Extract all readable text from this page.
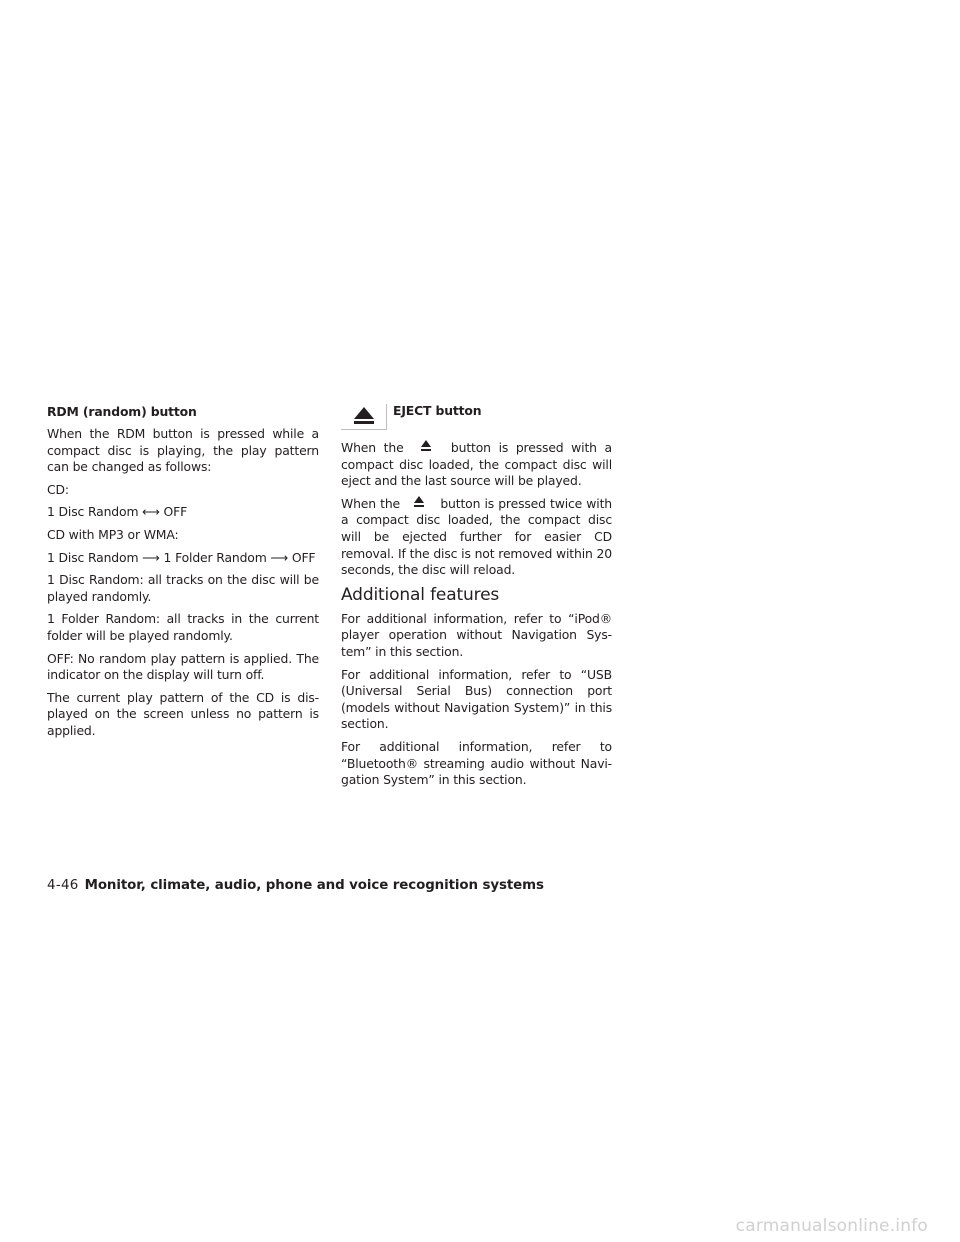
RDM (random) button

When the RDM button is pressed while a compact disc is playing, the play pattern can be changed as follows:

CD:

1 Disc Random ⟷ OFF

CD with MP3 or WMA:

1 Disc Random ⟶ 1 Folder Random ⟶ OFF

1 Disc Random: all tracks on the disc will be played randomly.

1 Folder Random: all tracks in the current folder will be played randomly.

OFF: No random play pattern is applied. The indicator on the display will turn off.

The current play pattern of the CD is dis- played on the screen unless no pattern is applied.

EJECT button

When the	button is pressed with a compact disc loaded, the compact disc will eject and the last source will be played.

When the	button is pressed twice with a compact disc loaded, the compact disc will be ejected further for easier CD removal. If the disc is not removed within 20 seconds, the disc will reload.

Additional features

For additional information, refer to “iPod® player operation without Navigation Sys- tem” in this section.

For additional information, refer to “USB (Universal Serial Bus) connection port (models without Navigation System)” in this section.

For additional information, refer to “Bluetooth® streaming audio without Navi- gation System” in this section.

4-46 Monitor, climate, audio, phone and voice recognition systems
carmanualsonline.info
